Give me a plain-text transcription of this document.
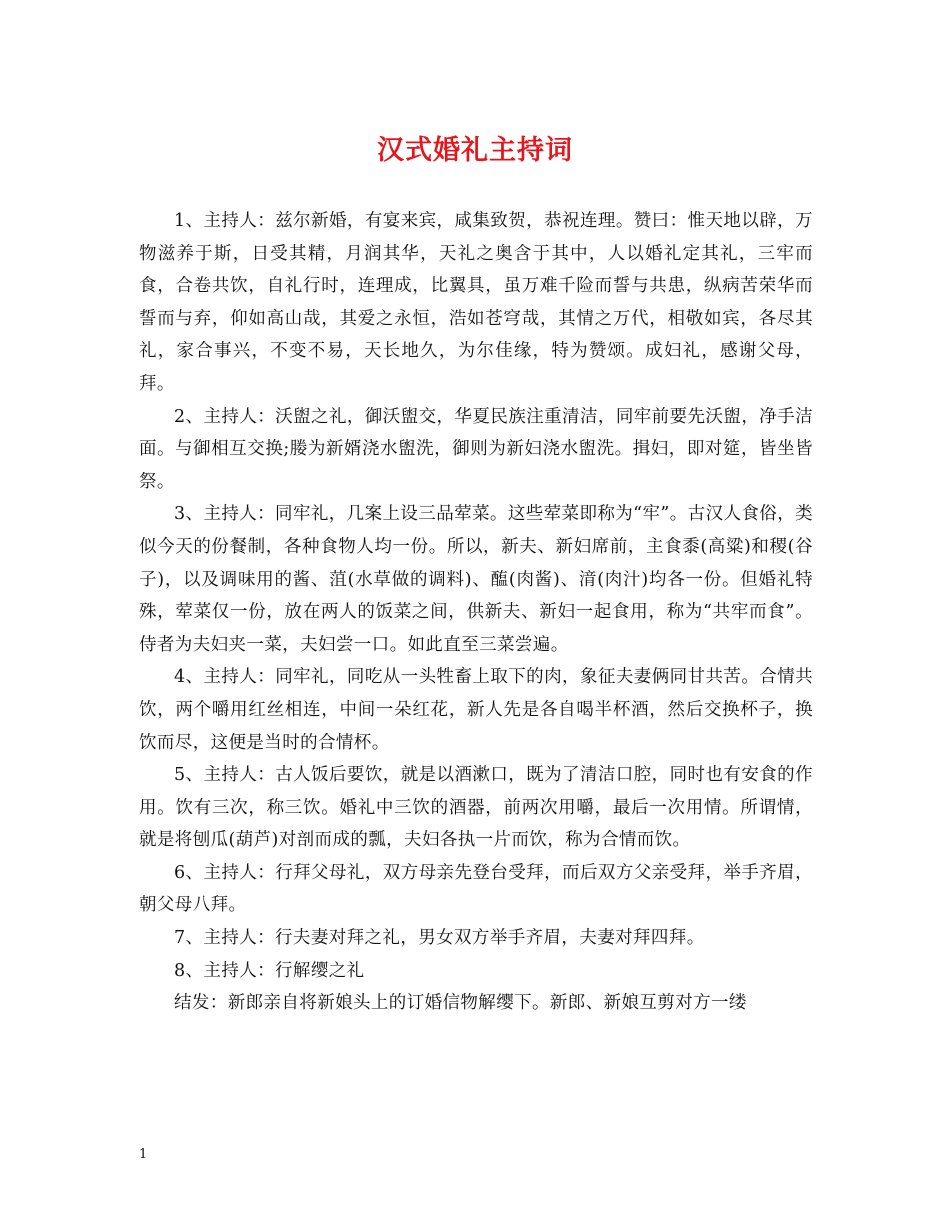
汉式婚礼主持词

1、主持人：兹尔新婚，有宴来宾，咸集致贺，恭祝连理。赞曰：惟天地以辟，万物滋养于斯，日受其精，月润其华，天礼之奥含于其中，人以婚礼定其礼，三牢而食，合卷共饮，自礼行时，连理成，比翼具，虽万难千险而誓与共患，纵病苦荣华而誓而与弃，仰如高山哉，其爱之永恒，浩如苍穹哉，其情之万代，相敬如宾，各尽其礼，家合事兴，不变不易，天长地久，为尔佳缘，特为赞颂。成妇礼，感谢父母，拜。

2、主持人：沃盥之礼，御沃盥交，华夏民族注重清洁，同牢前要先沃盥，净手洁面。与御相互交换;媵为新婿浇水盥洗，御则为新妇浇水盥洗。揖妇，即对筵，皆坐皆祭。

3、主持人：同牢礼，几案上设三品荤菜。这些荤菜即称为“牢”。古汉人食俗，类似今天的份餐制，各种食物人均一份。所以，新夫、新妇席前，主食黍(高粱)和稷(谷子)，以及调味用的酱、菹(水草做的调料)、醢(肉酱)、湇(肉汁)均各一份。但婚礼特殊，荤菜仅一份，放在两人的饭菜之间，供新夫、新妇一起食用，称为“共牢而食”。侍者为夫妇夹一菜，夫妇尝一口。如此直至三菜尝遍。

4、主持人：同牢礼，同吃从一头牲畜上取下的肉，象征夫妻俩同甘共苦。合情共饮，两个嚼用红丝相连，中间一朵红花，新人先是各自喝半杯酒，然后交换杯子，换饮而尽，这便是当时的合情杯。

5、主持人：古人饭后要饮，就是以酒漱口，既为了清洁口腔，同时也有安食的作用。饮有三次，称三饮。婚礼中三饮的酒器，前两次用嚼，最后一次用情。所谓情，就是将刨瓜(葫芦)对剖而成的瓢，夫妇各执一片而饮，称为合情而饮。

6、主持人：行拜父母礼，双方母亲先登台受拜，而后双方父亲受拜，举手齐眉，朝父母八拜。

7、主持人：行夫妻对拜之礼，男女双方举手齐眉，夫妻对拜四拜。

8、主持人：行解缨之礼

结发：新郎亲自将新娘头上的订婚信物解缨下。新郎、新娘互剪对方一缕

1
